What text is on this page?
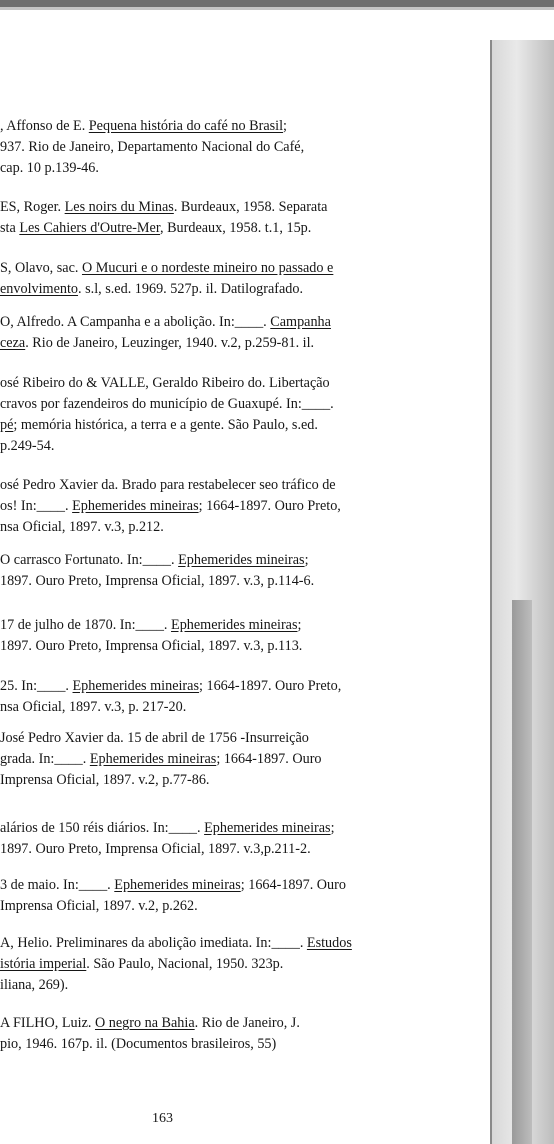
, Affonso de E. Pequena história do café no Brasil;
937. Rio de Janeiro, Departamento Nacional do Café,
cap. 10 p.139-46.
ES, Roger. Les noirs du Minas. Burdeaux, 1958. Separata
sta Les Cahiers d'Outre-Mer, Burdeaux, 1958. t.1, 15p.
S, Olavo, sac. O Mucuri e o nordeste mineiro no passado e
envolvimento. s.l, s.ed. 1969. 527p. il. Datilografado.
O, Alfredo. A Campanha e a abolição. In:____. Campanha
ceza. Rio de Janeiro, Leuzinger, 1940. v.2, p.259-81. il.
osé Ribeiro do & VALLE, Geraldo Ribeiro do. Libertação
cravos por fazendeiros do município de Guaxupé. In:____.
pé; memória histórica, a terra e a gente. São Paulo, s.ed.
p.249-54.
osé Pedro Xavier da. Brado para restabelecer seo tráfico de
os! In:____. Ephemerides mineiras; 1664-1897. Ouro Preto,
nsa Oficial, 1897. v.3, p.212.
O carrasco Fortunato. In:____. Ephemerides mineiras;
1897. Ouro Preto, Imprensa Oficial, 1897. v.3, p.114-6.
17 de julho de 1870. In:____. Ephemerides mineiras;
1897. Ouro Preto, Imprensa Oficial, 1897. v.3, p.113.
25. In:____. Ephemerides mineiras; 1664-1897. Ouro Preto,
nsa Oficial, 1897. v.3, p. 217-20.
José Pedro Xavier da. 15 de abril de 1756 -Insurreição
grada. In:____. Ephemerides mineiras; 1664-1897. Ouro
Imprensa Oficial, 1897. v.2, p.77-86.
alários de 150 réis diários. In:____. Ephemerides mineiras;
1897. Ouro Preto, Imprensa Oficial, 1897. v.3,p.211-2.
3 de maio. In:____. Ephemerides mineiras; 1664-1897. Ouro
Imprensa Oficial, 1897. v.2, p.262.
A, Helio. Preliminares da abolição imediata. In:____. Estudos
istória imperial. São Paulo, Nacional, 1950. 323p.
iliana, 269).
A FILHO, Luiz. O negro na Bahia. Rio de Janeiro, J.
pio, 1946. 167p. il. (Documentos brasileiros, 55)
163
